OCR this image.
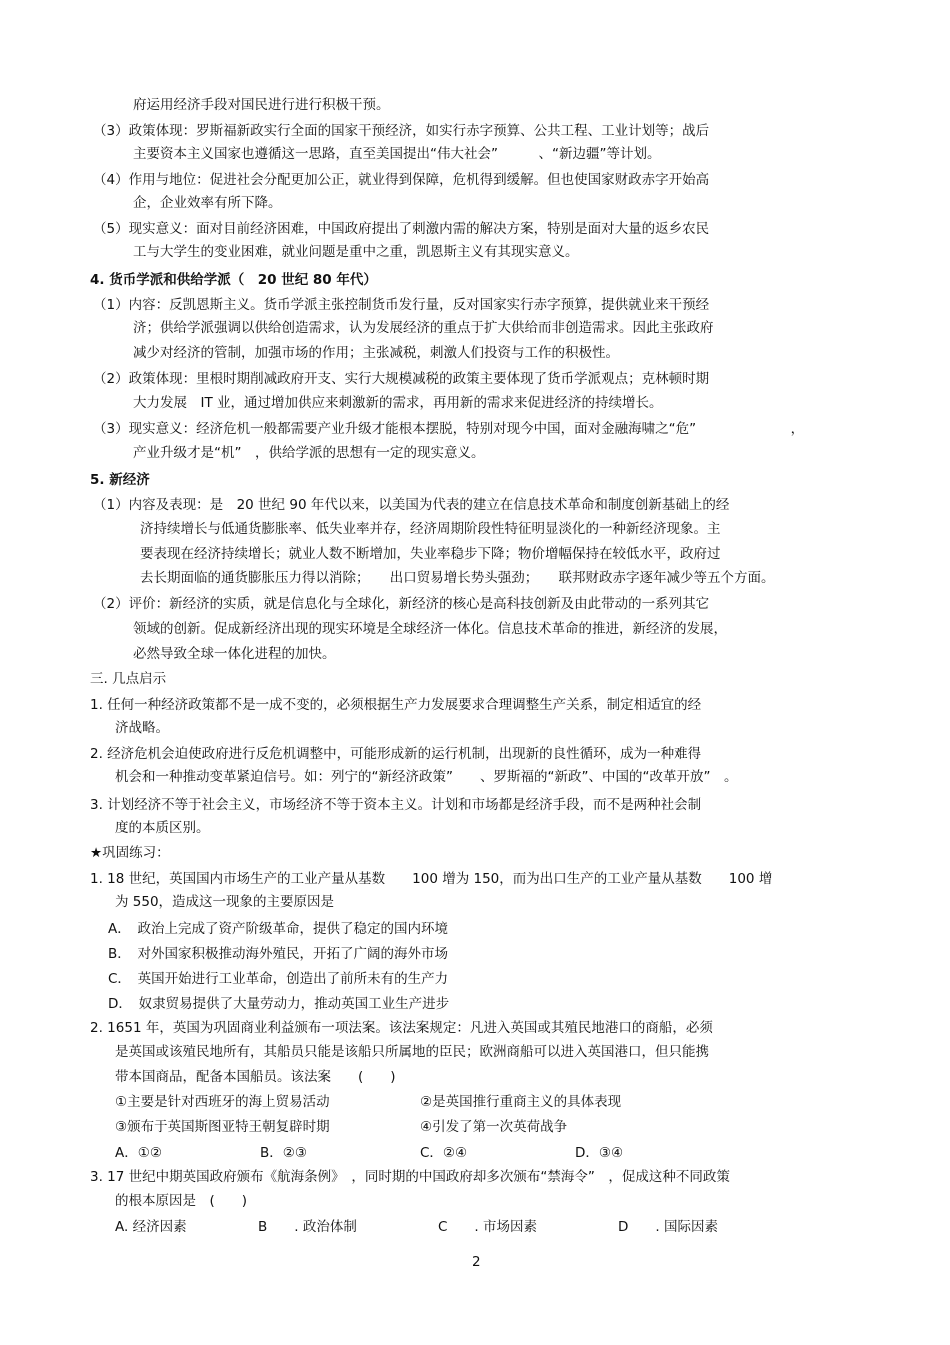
府运用经济手段对国民进行进行积极干预。
（3）政策体现：罗斯福新政实行全面的国家干预经济，如实行赤字预算、公共工程、工业计划等；战后
主要资本主义国家也遵循这一思路，直至美国提出“伟大社会”　　　、“新边疆”等计划。
（4）作用与地位：促进社会分配更加公正，就业得到保障，危机得到缓解。但也使国家财政赤字开始高
企，企业效率有所下降。
（5）现实意义：面对目前经济困难，中国政府提出了刺激内需的解决方案，特别是面对大量的返乡农民
工与大学生的变业困难，就业问题是重中之重，凯恩斯主义有其现实意义。
4. 货币学派和供给学派（　20 世纪 80 年代）
（1）内容：反凯恩斯主义。货币学派主张控制货币发行量，反对国家实行赤字预算，提供就业来干预经
济；供给学派强调以供给创造需求，认为发展经济的重点于扩大供给而非创造需求。因此主张政府
减少对经济的管制，加强市场的作用；主张减税，刺激人们投资与工作的积极性。
（2）政策体现：里根时期削减政府开支、实行大规模减税的政策主要体现了货币学派观点；克林顿时期
大力发展　IT 业，通过增加供应来刺激新的需求，再用新的需求来促进经济的持续增长。
（3）现实意义：经济危机一般都需要产业升级才能根本摆脱，特别对现今中国，面对金融海啸之“危”　　　　　　　，
产业升级才是“机”　，供给学派的思想有一定的现实意义。
5. 新经济
（1）内容及表现：是　20 世纪 90 年代以来，以美国为代表的建立在信息技术革命和制度创新基础上的经
济持续增长与低通货膨胀率、低失业率并存，经济周期阶段性特征明显淡化的一种新经济现象。主
要表现在经济持续增长；就业人数不断增加，失业率稳步下降；物价增幅保持在较低水平，政府过
去长期面临的通货膨胀压力得以消除；　　出口贸易增长势头强劲；　　联邦财政赤字逐年减少等五个方面。
（2）评价：新经济的实质，就是信息化与全球化，新经济的核心是高科技创新及由此带动的一系列其它
领域的创新。促成新经济出现的现实环境是全球经济一体化。信息技术革命的推进，新经济的发展，
必然导致全球一体化进程的加快。
三. 几点启示
1. 任何一种经济政策都不是一成不变的，必须根据生产力发展要求合理调整生产关系，制定相适宜的经
济战略。
2. 经济危机会迫使政府进行反危机调整中，可能形成新的运行机制，出现新的良性循环，成为一种难得
机会和一种推动变革紧迫信号。如：列宁的“新经济政策”　　、罗斯福的“新政”、中国的“改革开放”　。
3. 计划经济不等于社会主义，市场经济不等于资本主义。计划和市场都是经济手段，而不是两种社会制
度的本质区别。
★巩固练习：
1. 18 世纪，英国国内市场生产的工业产量从基数　　100 增为 150，而为出口生产的工业产量从基数　　100 增
为 550，造成这一现象的主要原因是
A．　政治上完成了资产阶级革命，提供了稳定的国内环境
B．　对外国家积极推动海外殖民，开拓了广阔的海外市场
C．　英国开始进行工业革命，创造出了前所未有的生产力
D．　奴隶贸易提供了大量劳动力，推动英国工业生产进步
2. 1651 年，英国为巩固商业利益颁布一项法案。该法案规定：凡进入英国或其殖民地港口的商船，必须
是英国或该殖民地所有，其船员只能是该船只所属地的臣民；欧洲商船可以进入英国港口，但只能携
带本国商品，配备本国船员。该法案　　(　　)
①主要是针对西班牙的海上贸易活动	②是英国推行重商主义的具体表现
③颁布于英国斯图亚特王朝复辟时期	④引发了第一次英荷战争
A．①②	B．②③	C．②④	D．③④
3. 17 世纪中期英国政府颁布《航海条例》　，同时期的中国政府却多次颁布“禁海令”　，促成这种不同政策
的根本原因是　(　　)
A. 经济因素	B　　. 政治体制	C　　. 市场因素	D　　. 国际因素
2
